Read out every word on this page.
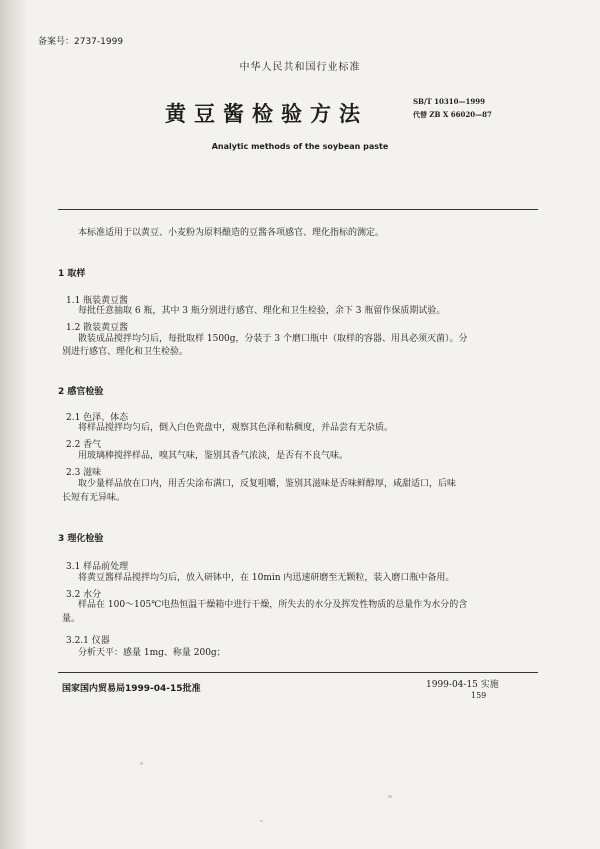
备案号：2737-1999
中华人民共和国行业标准
黄豆酱检验方法
SB/T 10310—1999
代替 ZB X 66020—87
Analytic methods of the soybean paste
本标准适用于以黄豆、小麦粉为原料酿造的豆酱各项感官、理化指标的测定。
1 取样
1.1 瓶装黄豆酱
每批任意抽取 6 瓶，其中 3 瓶分别进行感官、理化和卫生检验，余下 3 瓶留作保质期试验。
1.2 散装黄豆酱
散装成品搅拌均匀后，每批取样 1500g，分装于 3 个磨口瓶中（取样的容器、用具必须灭菌）。分
别进行感官、理化和卫生检验。
2 感官检验
2.1 色泽、体态
将样品搅拌均匀后，倒入白色瓷盘中，观察其色泽和粘稠度，并品尝有无杂质。
2.2 香气
用玻璃棒搅拌样品，嗅其气味，鉴别其香气浓淡，是否有不良气味。
2.3 滋味
取少量样品放在口内，用舌尖涂布满口，反复咀嚼，鉴别其滋味是否味鲜醇厚，咸甜适口，后味
长短有无异味。
3 理化检验
3.1 样品前处理
将黄豆酱样品搅拌均匀后，放入研钵中，在 10min 内迅速研磨至无颗粒，装入磨口瓶中备用。
3.2 水分
样品在 100～105℃电热恒温干燥箱中进行干燥，所失去的水分及挥发性物质的总量作为水分的含
量。
3.2.1 仪器
分析天平：感量 1mg、称量 200g；
国家国内贸易局1999-04-15批准	1999-04-15 实施
159
